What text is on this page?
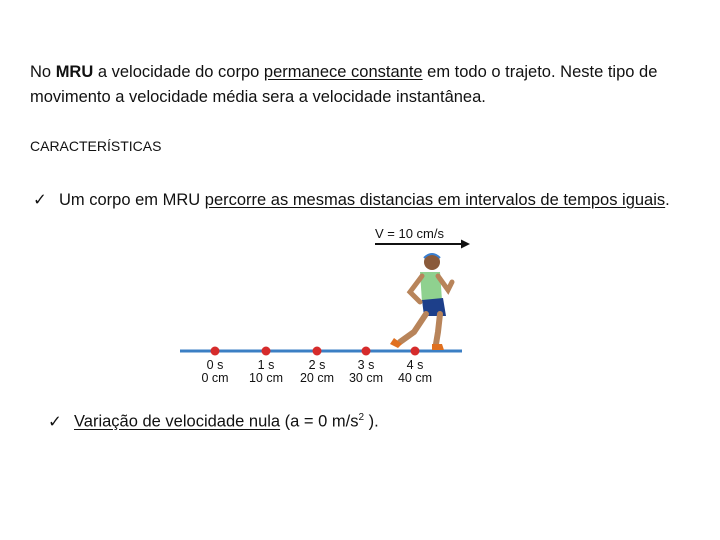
No MRU a velocidade do corpo permanece constante em todo o trajeto. Neste tipo de movimento a velocidade média sera a velocidade instantânea.

CARACTERÍSTICAS

✓ Um corpo em MRU percorre as mesmas distancias em intervalos de tempos iguais.

V = 10 cm/s
0 s
0 cm
1 s
10 cm
2 s
20 cm
3 s
30 cm
4 s
40 cm

✓ Variação de velocidade nula (a = 0 $m/s^2$ ).
